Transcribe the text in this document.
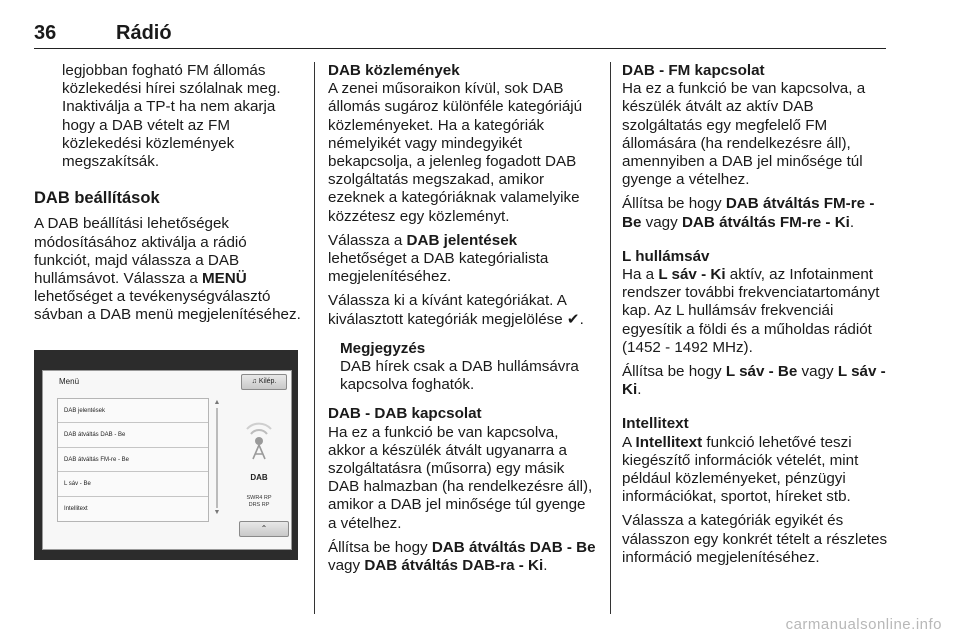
36	Rádió

legjobban fogható FM állomás közlekedési hírei szólalnak meg. Inaktiválja a TP-t ha nem akarja hogy a DAB vételt az FM közlekedési közlemények megszakítsák.

DAB beállítások

A DAB beállítási lehetőségek módosításához aktiválja a rádió funkciót, majd válassza a DAB hullámsávot. Válassza a MENÜ lehetőséget a tevékenységválasztó sávban a DAB menü megjelenítéséhez.

Menü	♫ Kilép.
DAB jelentések
DAB átváltás DAB - Be
DAB átváltás FM-re - Be
L sáv - Be
Intellitext
▲
▼
DAB
SWR4 RP
DRS RP
⌃

DAB közlemények

A zenei műsoraikon kívül, sok DAB állomás sugároz különféle kategóriájú közleményeket. Ha a kategóriák némelyikét vagy mindegyikét bekapcsolja, a jelenleg fogadott DAB szolgáltatás megszakad, amikor ezeknek a kategóriáknak valamelyike közzétesz egy közleményt.

Válassza a DAB jelentések lehetőséget a DAB kategórialista megjelenítéséhez.

Válassza ki a kívánt kategóriákat. A kiválasztott kategóriák megjelölése ✔.

Megjegyzés

DAB hírek csak a DAB hullámsávra kapcsolva foghatók.

DAB - DAB kapcsolat

Ha ez a funkció be van kapcsolva, akkor a készülék átvált ugyanarra a szolgáltatásra (műsorra) egy másik DAB halmazban (ha rendelkezésre áll), amikor a DAB jel minősége túl gyenge a vételhez.

Állítsa be hogy DAB átváltás DAB - Be vagy DAB átváltás DAB-ra - Ki.

DAB - FM kapcsolat

Ha ez a funkció be van kapcsolva, a készülék átvált az aktív DAB szolgáltatás egy megfelelő FM állomására (ha rendelkezésre áll), amennyiben a DAB jel minősége túl gyenge a vételhez.

Állítsa be hogy DAB átváltás FM-re - Be vagy DAB átváltás FM-re - Ki.

L hullámsáv

Ha a L sáv - Ki aktív, az Infotainment rendszer további frekvenciatartományt kap. Az L hullámsáv frekvenciái egyesítik a földi és a műholdas rádiót (1452 - 1492 MHz).

Állítsa be hogy L sáv - Be vagy L sáv - Ki.

Intellitext

A Intellitext funkció lehetővé teszi kiegészítő információk vételét, mint például közleményeket, pénzügyi információkat, sportot, híreket stb.

Válassza a kategóriák egyikét és válasszon egy konkrét tételt a részletes információ megjelenítéséhez.

carmanualsonline.info
